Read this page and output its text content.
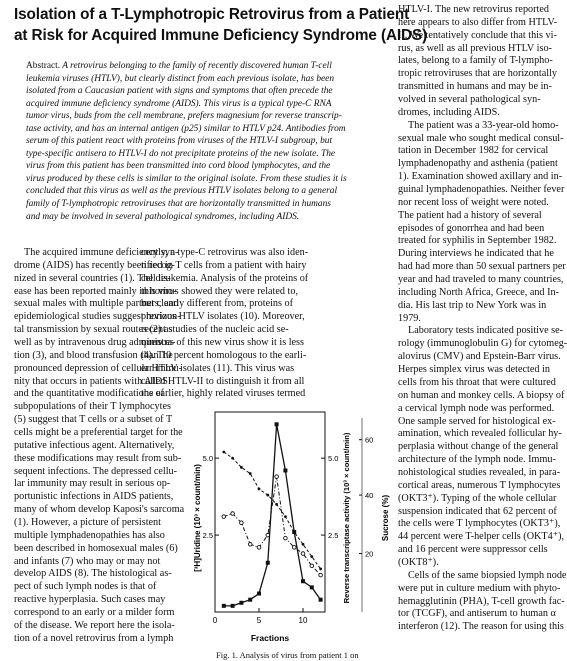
Isolation of a T-Lymphotropic Retrovirus from a Patient
at Risk for Acquired Immune Deficiency Syndrome (AIDS)
Abstract. A retrovirus belonging to the family of recently discovered human T-cell
leukemia viruses (HTLV), but clearly distinct from each previous isolate, has been
isolated from a Caucasian patient with signs and symptoms that often precede the
acquired immune deficiency syndrome (AIDS). This virus is a typical type-C RNA
tumor virus, buds from the cell membrane, prefers magnesium for reverse transcrip-
tase activity, and has an internal antigen (p25) similar to HTLV p24. Antibodies from
serum of this patient react with proteins from viruses of the HTLV-I subgroup, but
type-specific antisera to HTLV-I do not precipitate proteins of the new isolate. The
virus from this patient has been transmitted into cord blood lymphocytes, and the
virus produced by these cells is similar to the original isolate. From these studies it is
concluded that this virus as well as the previous HTLV isolates belong to a general
family of T-lymphotropic retroviruses that are horizontally transmitted in humans
and may be involved in several pathological syndromes, including AIDS.
The acquired immune deficiency syn-
drome (AIDS) has recently been recog-
nized in several countries (1). The dis-
ease has been reported mainly in homo-
sexual males with multiple partners, and
epidemiological studies suggest horizon-
tal transmission by sexual routes (2) as
well as by intravenous drug administra-
tion (3), and blood transfusion (4). The
pronounced depression of cellular immu-
nity that occurs in patients with AIDS
and the quantitative modifications of
subpopulations of their T lymphocytes
(5) suggest that T cells or a subset of T
cells might be a preferential target for the
putative infectious agent. Alternatively,
these modifications may result from sub-
sequent infections. The depressed cellu-
lar immunity may result in serious op-
portunistic infections in AIDS patients,
many of whom develop Kaposi's sarcoma
(1). However, a picture of persistent
multiple lymphadenopathies has also
been described in homosexual males (6)
and infants (7) who may or may not
develop AIDS (8). The histological as-
pect of such lymph nodes is that of
reactive hyperplasia. Such cases may
correspond to an early or a milder form
of the disease. We report here the isola-
tion of a novel retrovirus from a lymph
cently, a type-C retrovirus was also iden-
tified in T cells from a patient with hairy
cell leukemia. Analysis of the proteins of
this virus showed they were related to,
but clearly different from, proteins of
previous HTLV isolates (10). Moreover,
recent studies of the nucleic acid se-
quences of this new virus show it is less
than 10 percent homologous to the earli-
er HTLV isolates (11). This virus was
called HTLV-II to distinguish it from all
the earlier, highly related viruses termed
HTLV-I. The new retrovirus reported
here appears to also differ from HTLV-
II. We tentatively conclude that this vi-
rus, as well as all previous HTLV iso-
lates, belong to a family of T-lympho-
tropic retroviruses that are horizontally
transmitted in humans and may be in-
volved in several pathological syn-
dromes, including AIDS.
The patient was a 33-year-old homo-
sexual male who sought medical consul-
tation in December 1982 for cervical
lymphadenopathy and asthenia (patient
1). Examination showed axillary and in-
guinal lymphadenopathies. Neither fever
nor recent loss of weight were noted.
The patient had a history of several
episodes of gonorrhea and had been
treated for syphilis in September 1982.
During interviews he indicated that he
had had more than 50 sexual partners per
year and had traveled to many countries,
including North Africa, Greece, and In-
dia. His last trip to New York was in
1979.
Laboratory tests indicated positive se-
rology (immunoglobulin G) for cytomeg-
alovirus (CMV) and Epstein-Barr virus.
Herpes simplex virus was detected in
cells from his throat that were cultured
on human and monkey cells. A biopsy of
a cervical lymph node was performed.
One sample served for histological ex-
amination, which revealed follicular hy-
perplasia without change of the general
architecture of the lymph node. Immu-
nohistological studies revealed, in para-
cortical areas, numerous T lymphocytes
(OKT3⁺). Typing of the whole cellular
suspension indicated that 62 percent of
the cells were T lymphocytes (OKT3⁺),
44 percent were T-helper cells (OKT4⁺),
and 16 percent were suppressor cells
(OKT8⁺).
Cells of the same biopsied lymph node
were put in culture medium with phyto-
hemagglutinin (PHA), T-cell growth fac-
tor (TCGF), and antiserum to human α
interferon (12). The reason for using this
0	5	10
5.0
2.5
5.0
2.5
60
40
20
Fractions
[³H]Uridine (10³ × count/min)	Reverse transcriptase activity (10³ × count/min)	Sucrose (%)
Fig. 1. Analysis of virus from patient 1 on
